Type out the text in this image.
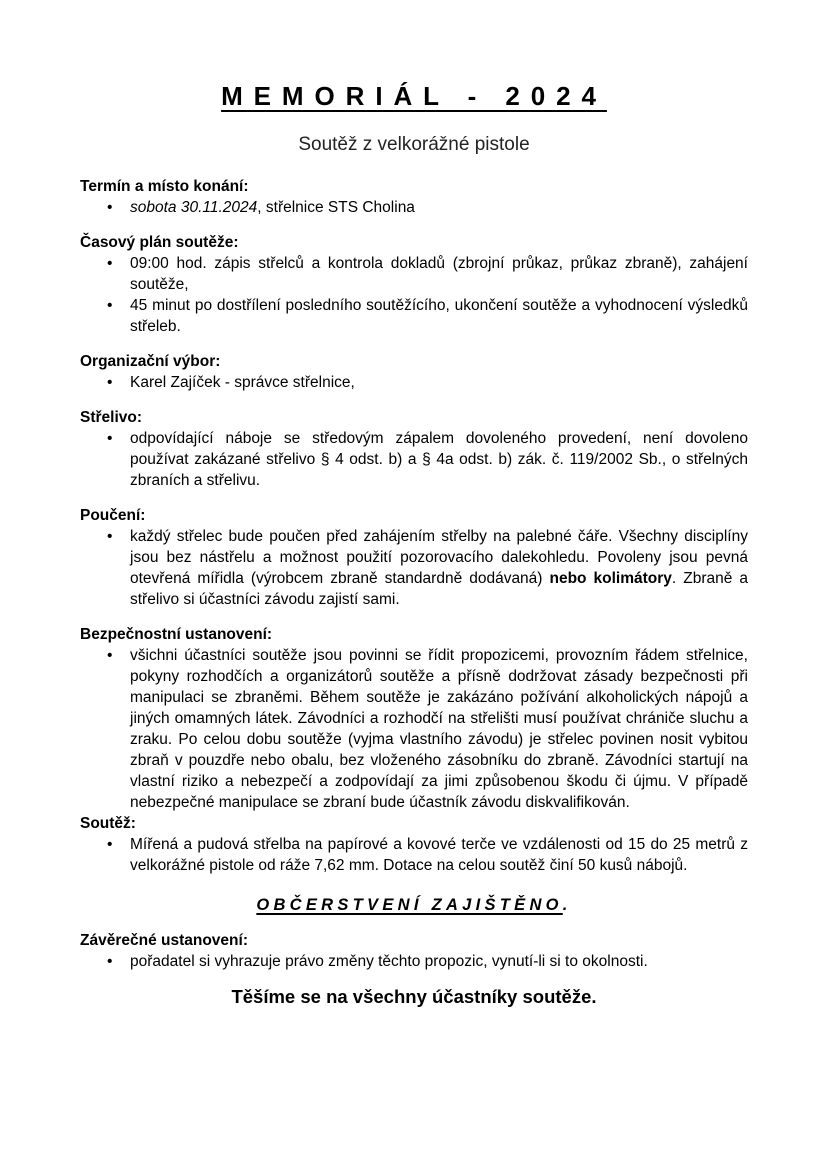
MEMORIÁL - 2024
Soutěž z velkorážné pistole
Termín a místo konání:
• sobota 30.11.2024, střelnice STS Cholina
Časový plán soutěže:
• 09:00 hod. zápis střelců a kontrola dokladů (zbrojní průkaz, průkaz zbraně), zahájení soutěže,
• 45 minut po dostřílení posledního soutěžícího, ukončení soutěže a vyhodnocení výsledků střeleb.
Organizační výbor:
• Karel Zajíček - správce střelnice,
Střelivo:
• odpovídající náboje se středovým zápalem dovoleného provedení, není dovoleno používat zakázané střelivo § 4 odst. b) a § 4a odst. b) zák. č. 119/2002 Sb., o střelných zbraních a střelivu.
Poučení:
• každý střelec bude poučen před zahájením střelby na palebné čáře. Všechny disciplíny jsou bez nástřelu a možnost použití pozorovacího dalekohledu. Povoleny jsou pevná otevřená mířidla (výrobcem zbraně standardně dodávaná) nebo kolimátory. Zbraně a střelivo si účastníci závodu zajistí sami.
Bezpečnostní ustanovení:
• všichni účastníci soutěže jsou povinni se řídit propozicemi, provozním řádem střelnice, pokyny rozhodčích a organizátorů soutěže a přísně dodržovat zásady bezpečnosti při manipulaci se zbraněmi. Během soutěže je zakázáno požívání alkoholických nápojů a jiných omamných látek. Závodníci a rozhodčí na střelišti musí používat chrániče sluchu a zraku. Po celou dobu soutěže (vyjma vlastního závodu) je střelec povinen nosit vybitou zbraň v pouzdře nebo obalu, bez vloženého zásobníku do zbraně. Závodníci startují na vlastní riziko a nebezpečí a zodpovídají za jimi způsobenou škodu či újmu. V případě nebezpečné manipulace se zbraní bude účastník závodu diskvalifikován.
Soutěž:
• Mířená a pudová střelba na papírové a kovové terče ve vzdálenosti od 15 do 25 metrů z velkorážné pistole od ráže 7,62 mm. Dotace na celou soutěž činí 50 kusů nábojů.

OBČERSTVENÍ ZAJIŠTĚNO.

Závěrečné ustanovení:
• pořadatel si vyhrazuje právo změny těchto propozic, vynutí-li si to okolnosti.

Těšíme se na všechny účastníky soutěže.
